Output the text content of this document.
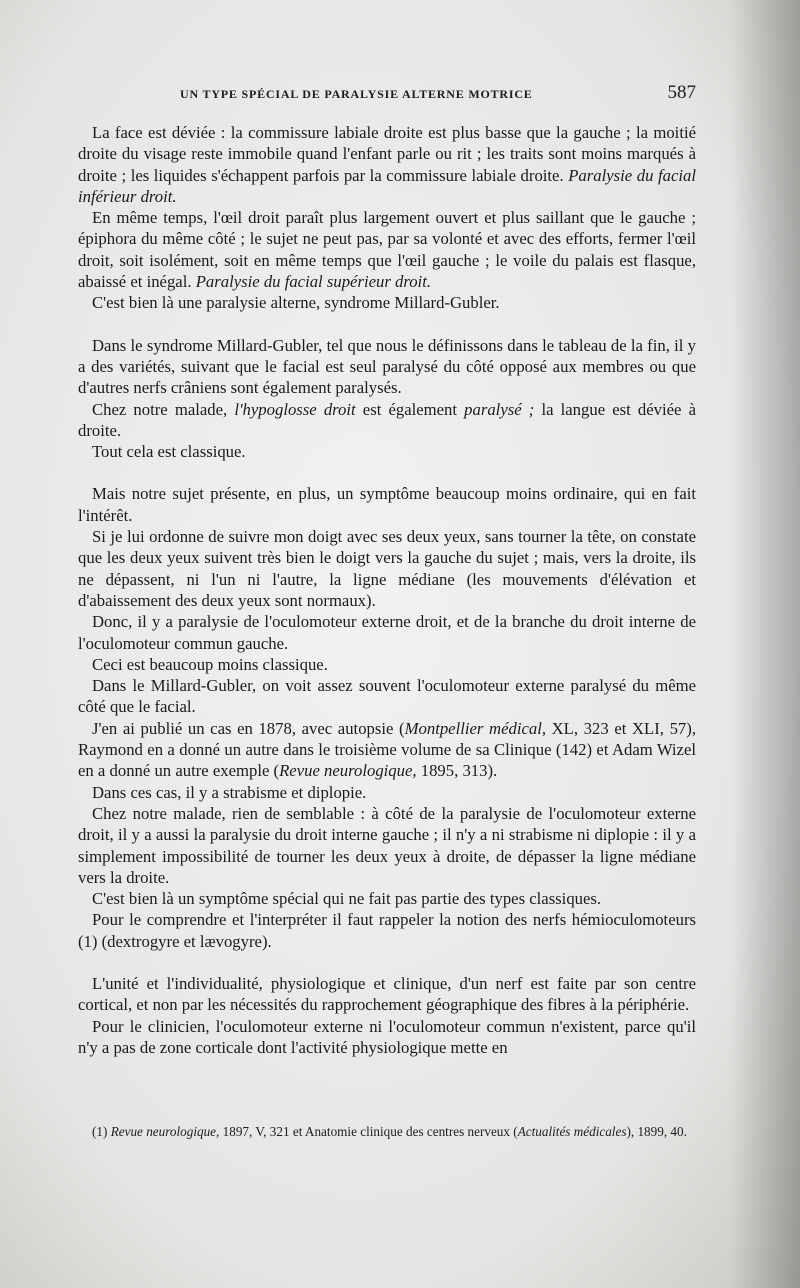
UN TYPE SPÉCIAL DE PARALYSIE ALTERNE MOTRICE	587

La face est déviée : la commissure labiale droite est plus basse que la gauche ; la moitié droite du visage reste immobile quand l'enfant parle ou rit ; les traits sont moins marqués à droite ; les liquides s'échappent parfois par la commissure labiale droite. Paralysie du facial inférieur droit.

En même temps, l'œil droit paraît plus largement ouvert et plus saillant que le gauche ; épiphora du même côté ; le sujet ne peut pas, par sa volonté et avec des efforts, fermer l'œil droit, soit isolément, soit en même temps que l'œil gauche ; le voile du palais est flasque, abaissé et inégal. Paralysie du facial supérieur droit.

C'est bien là une paralysie alterne, syndrome Millard-Gubler.

Dans le syndrome Millard-Gubler, tel que nous le définissons dans le tableau de la fin, il y a des variétés, suivant que le facial est seul paralysé du côté opposé aux membres ou que d'autres nerfs crâniens sont également paralysés.

Chez notre malade, l'hypoglosse droit est également paralysé ; la langue est déviée à droite.

Tout cela est classique.

Mais notre sujet présente, en plus, un symptôme beaucoup moins ordinaire, qui en fait l'intérêt.

Si je lui ordonne de suivre mon doigt avec ses deux yeux, sans tourner la tête, on constate que les deux yeux suivent très bien le doigt vers la gauche du sujet ; mais, vers la droite, ils ne dépassent, ni l'un ni l'autre, la ligne médiane (les mouvements d'élévation et d'abaissement des deux yeux sont normaux).

Donc, il y a paralysie de l'oculomoteur externe droit, et de la branche du droit interne de l'oculomoteur commun gauche.

Ceci est beaucoup moins classique.

Dans le Millard-Gubler, on voit assez souvent l'oculomoteur externe paralysé du même côté que le facial.

J'en ai publié un cas en 1878, avec autopsie (Montpellier médical, XL, 323 et XLI, 57), Raymond en a donné un autre dans le troisième volume de sa Clinique (142) et Adam Wizel en a donné un autre exemple (Revue neurologique, 1895, 313).

Dans ces cas, il y a strabisme et diplopie.

Chez notre malade, rien de semblable : à côté de la paralysie de l'oculomoteur externe droit, il y a aussi la paralysie du droit interne gauche ; il n'y a ni strabisme ni diplopie : il y a simplement impossibilité de tourner les deux yeux à droite, de dépasser la ligne médiane vers la droite.

C'est bien là un symptôme spécial qui ne fait pas partie des types classiques.

Pour le comprendre et l'interpréter il faut rappeler la notion des nerfs hémioculomoteurs (1) (dextrogyre et lævogyre).

L'unité et l'individualité, physiologique et clinique, d'un nerf est faite par son centre cortical, et non par les nécessités du rapprochement géographique des fibres à la périphérie.

Pour le clinicien, l'oculomoteur externe ni l'oculomoteur commun n'existent, parce qu'il n'y a pas de zone corticale dont l'activité physiologique mette en

(1) Revue neurologique, 1897, V, 321 et Anatomie clinique des centres nerveux (Actualités médicales), 1899, 40.
